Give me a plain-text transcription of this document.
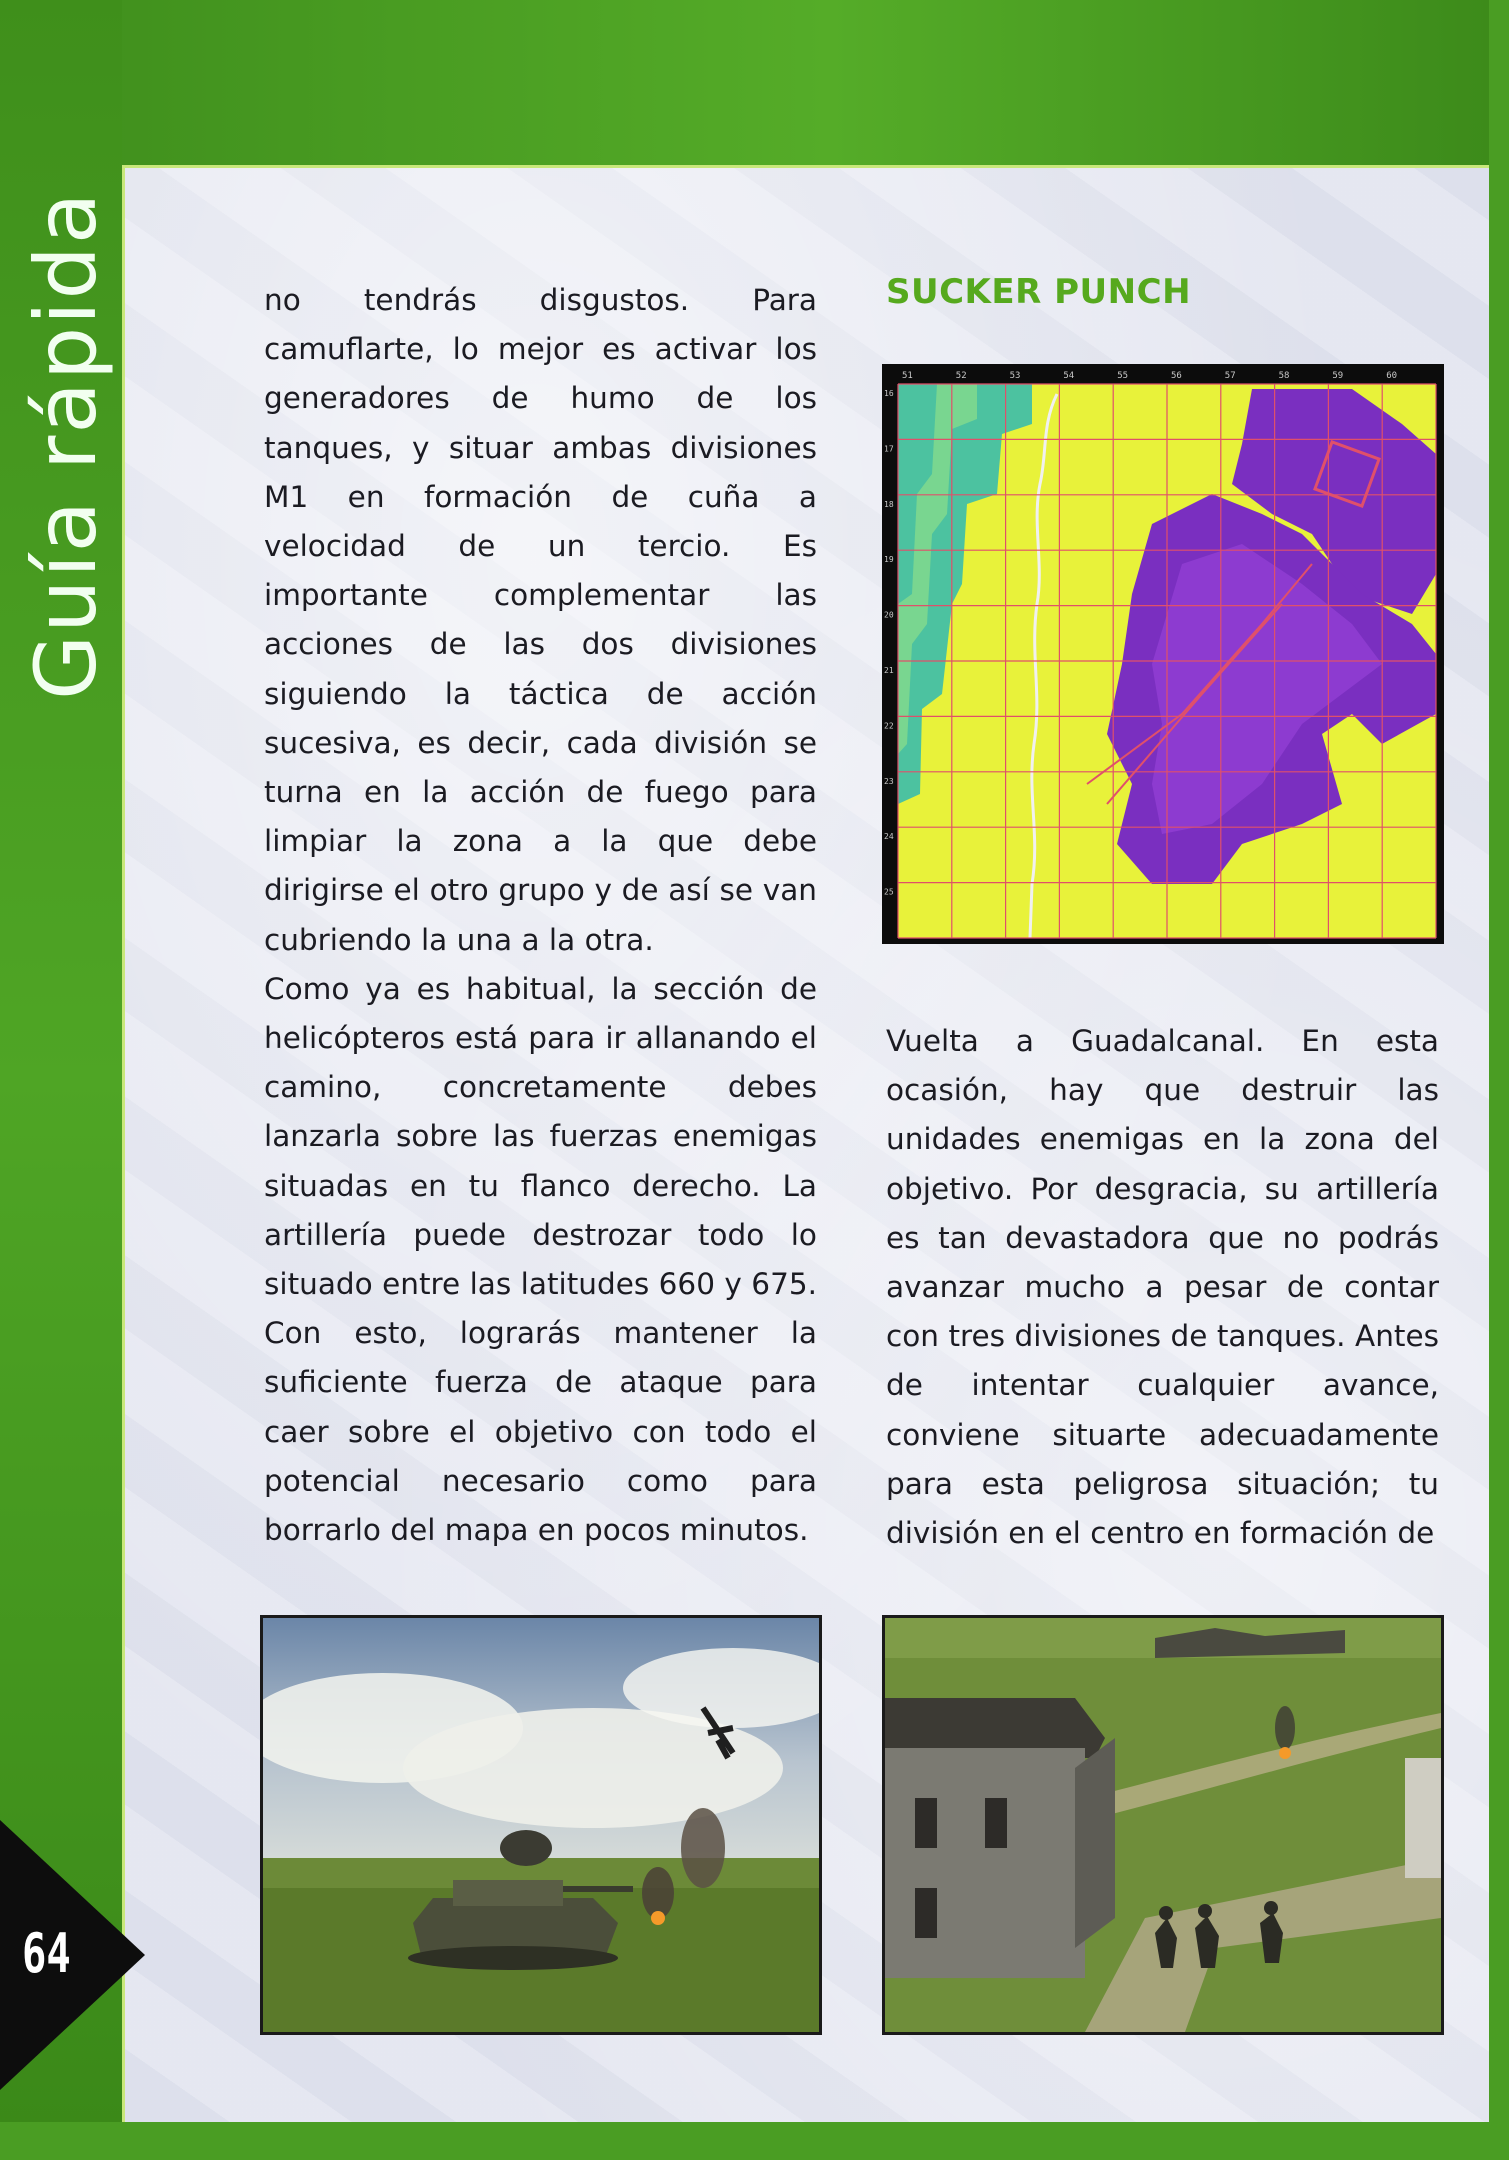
Guía rápida
64

no tendrás disgustos. Para camuflarte, lo mejor es activar los generadores de humo de los tanques, y situar ambas divisiones M1 en formación de cuña a velocidad de un tercio. Es importante complementar las acciones de las dos divisiones siguiendo la táctica de acción sucesiva, es decir, cada división se turna en la acción de fuego para limpiar la zona a la que debe dirigirse el otro grupo y de así se van cubriendo la una a la otra.

Como ya es habitual, la sección de helicópteros está para ir allanando el camino, concretamente debes lanzarla sobre las fuerzas enemigas situadas en tu flanco derecho. La artillería puede destrozar todo lo situado entre las latitudes 660 y 675. Con esto, lograrás mantener la suficiente fuerza de ataque para caer sobre el objetivo con todo el potencial necesario como para borrarlo del mapa en pocos minutos.

SUCKER PUNCH
51	52	53	54	55	56	57	58	59	60
16
17
18
19
20
21
22
23
24
25

Vuelta a Guadalcanal. En esta ocasión, hay que destruir las unidades enemigas en la zona del objetivo. Por desgracia, su artillería es tan devastadora que no podrás avanzar mucho a pesar de contar con tres divisiones de tanques. Antes de intentar cualquier avance, conviene situarte adecuadamente para esta peligrosa situación; tu división en el centro en formación de
